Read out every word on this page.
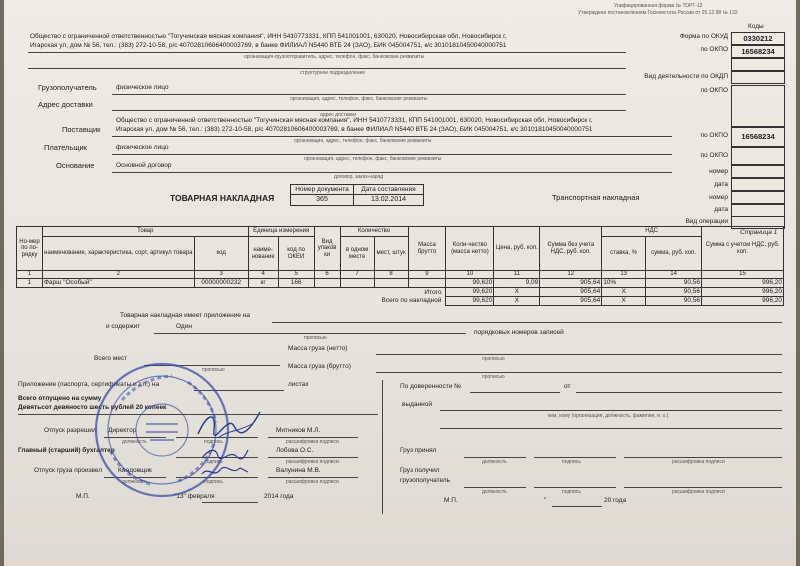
Унифицированная форма № ТОРГ-12
Утверждена постановлением Госкомстата России от 25.12.98 № 132
Коды
Форма по ОКУД	0330212
по ОКПО	16568234
Вид деятельности по ОКДП
по ОКПО
по ОКПО	16568234
по ОКПО
номер
дата
номер
дата
Вид операции
Общество с ограниченной ответственностью "Тогучинская мясная компания", ИНН 5410773331, КПП 541001001, 630020, Новосибирская обл, Новосибирск г,
Игарская ул, дом № 56, тел.: (383) 272-10-58, р/с 40702810606400003769, в банке ФИЛИАЛ N5440 ВТБ 24 (ЗАО), БИК 045004751, к/с 30101810450040000751
организация-грузоотправитель, адрес, телефон, факс, банковские реквизиты
структурное подразделение
Грузополучатель	физическое лицо
организация, адрес, телефон, факс, банковские реквизиты
Адрес доставки
адрес доставки
Общество с ограниченной ответственностью "Тогучинская мясная компания", ИНН 5410773331, КПП 541001001, 630020, Новосибирская обл, Новосибирск г,
Поставщик Игарская ул, дом № 56, тел.: (383) 272-10-58, р/с 40702810606400003769, в банке ФИЛИАЛ N5440 ВТБ 24 (ЗАО), БИК 045004751, к/с 30101810450040000751
организация, адрес, телефон, факс, банковские реквизиты
Плательщик	физическое лицо
организация, адрес, телефон, факс, банковские реквизиты
Основание	Основной договор
договор, заказ-наряд
ТОВАРНАЯ НАКЛАДНАЯ
Номер документа	Дата составления
365	13.02.2014	Транспортная накладная
Страница 1
Но-мер по по-рядку	Товар		Единица измерения		Вид упаков ки	Количество		Масса брутто	Коли-чество (масса нетто)	Цена, руб. коп.	Сумма без учета НДС, руб. коп.	НДС		Сумма с учетом НДС, руб. коп.
	наименование, характеристика, сорт, артикул товара	код	наиме-нование	код по ОКЕИ		в одном месте	мест, штук					ставка, %	сумма, руб. коп.	
1	2	3	4	5	6	7	8	9	10	11	12	13	14	15
1	Фарш "Особый"	00000000232	кг	166					99,620	9,09	905,64	10%	90,56	996,20
Итого									99,620	X	905,64	X	90,56	996,20
Всего по накладной									99,620	X	905,64	X	90,56	996,20
Товарная накладная имеет приложение на
и содержит	Один
прописью
порядковых номеров записей
Масса груза (нетто)
прописью
Всего мест
прописью	Масса груза (брутто)
прописью
Приложение (паспорта, сертификаты и т.п.) на	листах
Всего отпущено на сумму
Девятьсот девяносто шесть рублей 20 копеек
Отпуск разрешил Директор	Митников М.Л.
должность	подпись	расшифровка подписи
Главный (старший) бухгалтер	Лобова О.С.
подпись	расшифровка подписи
Отпуск груза произвел Кладовщик	Валунина М.В.
должность	подпись	расшифровка подписи
М.П.	"13" февраля	2014 года
По доверенности №	от
выданной
кем, кому (организация, должность, фамилия, и. о.)
Груз принял
должность	подпись	расшифровка подписи
Груз получил
грузополучатель
должность	подпись	расшифровка подписи
М.П.	"	20 года
